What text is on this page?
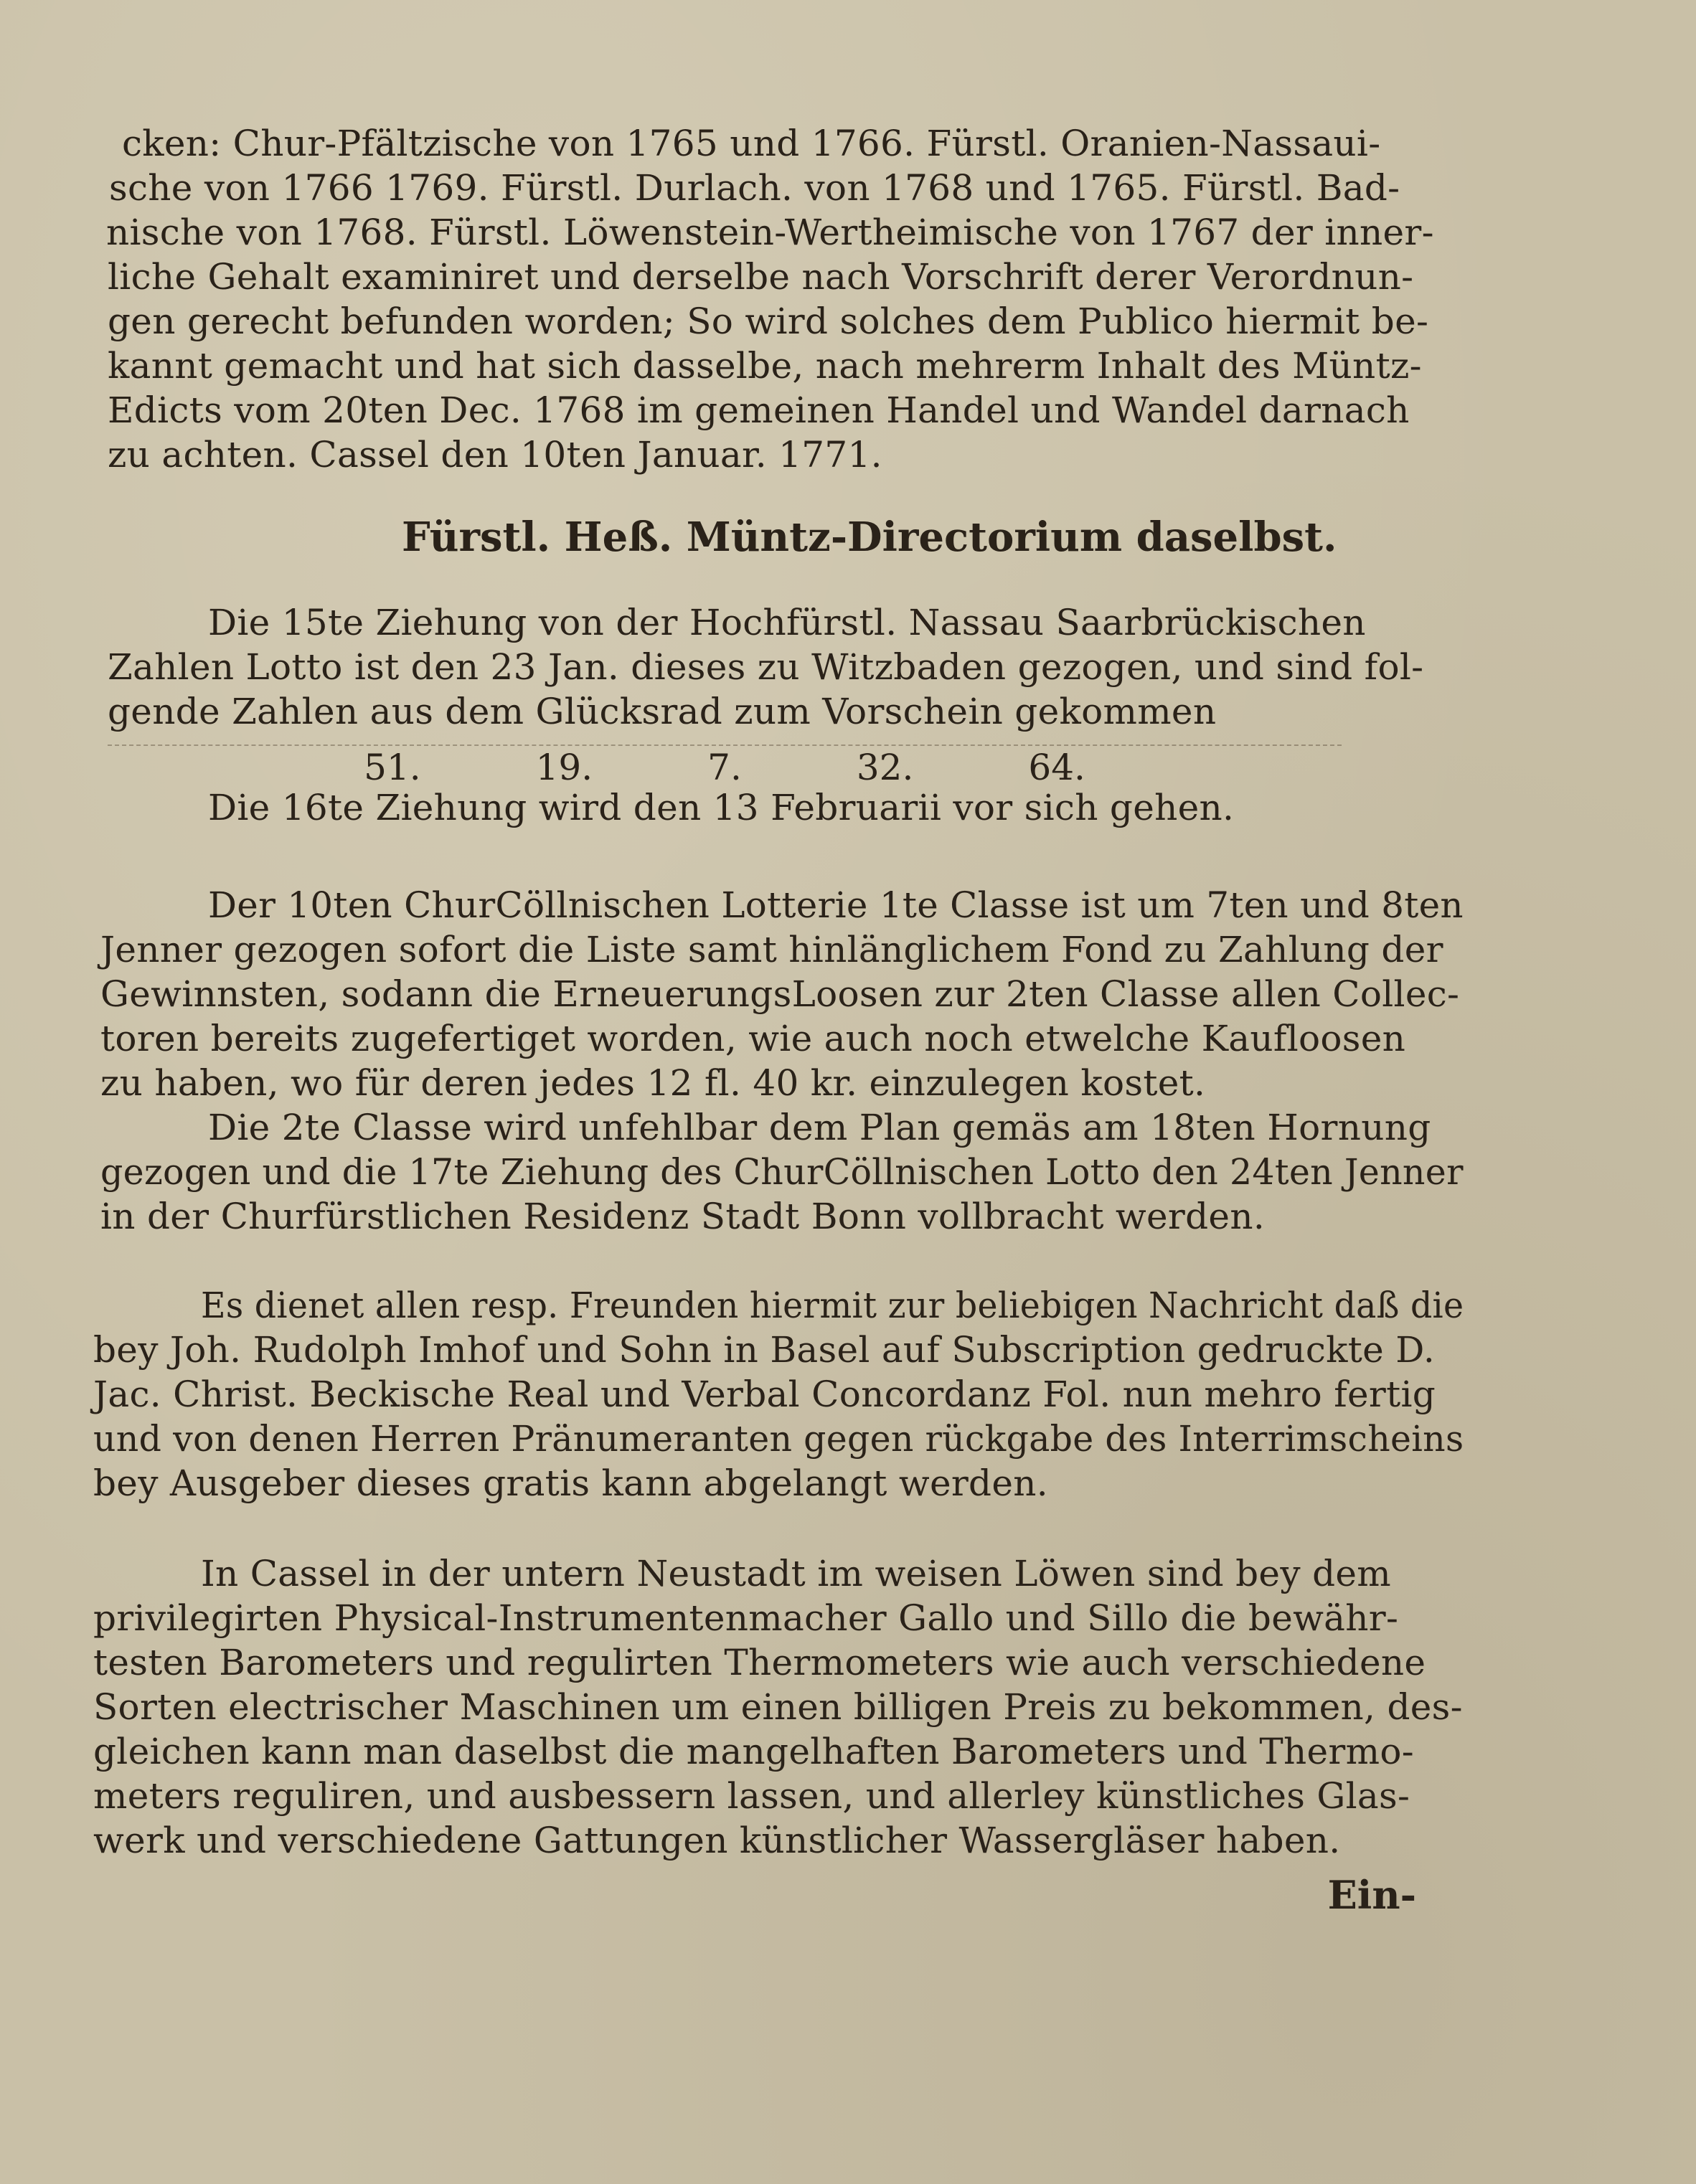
cken: Chur-Pfältzische von 1765 und 1766. Fürstl. Oranien-Nassaui-
sche von 1766 1769. Fürstl. Durlach. von 1768 und 1765. Fürstl. Bad-
nische von 1768. Fürstl. Löwenstein-Wertheimische von 1767 der inner-
liche Gehalt examiniret und derselbe nach Vorschrift derer Verordnun-
gen gerecht befunden worden; So wird solches dem Publico hiermit be-
kannt gemacht und hat sich dasselbe, nach mehrerm Inhalt des Müntz-
Edicts vom 20ten Dec. 1768 im gemeinen Handel und Wandel darnach
zu achten. Cassel den 10ten Januar. 1771.
Fürstl. Heß. Müntz-Directorium daselbst.
Die 15te Ziehung von der Hochfürstl. Nassau Saarbrückischen
Zahlen Lotto ist den 23 Jan. dieses zu Witzbaden gezogen, und sind fol-
gende Zahlen aus dem Glücksrad zum Vorschein gekommen
51.	19.	7.	32.	64.
Die 16te Ziehung wird den 13 Februarii vor sich gehen.
Der 10ten ChurCöllnischen Lotterie 1te Classe ist um 7ten und 8ten
Jenner gezogen sofort die Liste samt hinlänglichem Fond zu Zahlung der
Gewinnsten, sodann die ErneuerungsLoosen zur 2ten Classe allen Collec-
toren bereits zugefertiget worden, wie auch noch etwelche Kaufloosen
zu haben, wo für deren jedes 12 fl. 40 kr. einzulegen kostet.
Die 2te Classe wird unfehlbar dem Plan gemäs am 18ten Hornung
gezogen und die 17te Ziehung des ChurCöllnischen Lotto den 24ten Jenner
in der Churfürstlichen Residenz Stadt Bonn vollbracht werden.
Es dienet allen resp. Freunden hiermit zur beliebigen Nachricht daß die
bey Joh. Rudolph Imhof und Sohn in Basel auf Subscription gedruckte D.
Jac. Christ. Beckische Real und Verbal Concordanz Fol. nun mehro fertig
und von denen Herren Pränumeranten gegen rückgabe des Interrimscheins
bey Ausgeber dieses gratis kann abgelangt werden.
In Cassel in der untern Neustadt im weisen Löwen sind bey dem
privilegirten Physical-Instrumentenmacher Gallo und Sillo die bewähr-
testen Barometers und regulirten Thermometers wie auch verschiedene
Sorten electrischer Maschinen um einen billigen Preis zu bekommen, des-
gleichen kann man daselbst die mangelhaften Barometers und Thermo-
meters reguliren, und ausbessern lassen, und allerley künstliches Glas-
werk und verschiedene Gattungen künstlicher Wassergläser haben.
Ein-
